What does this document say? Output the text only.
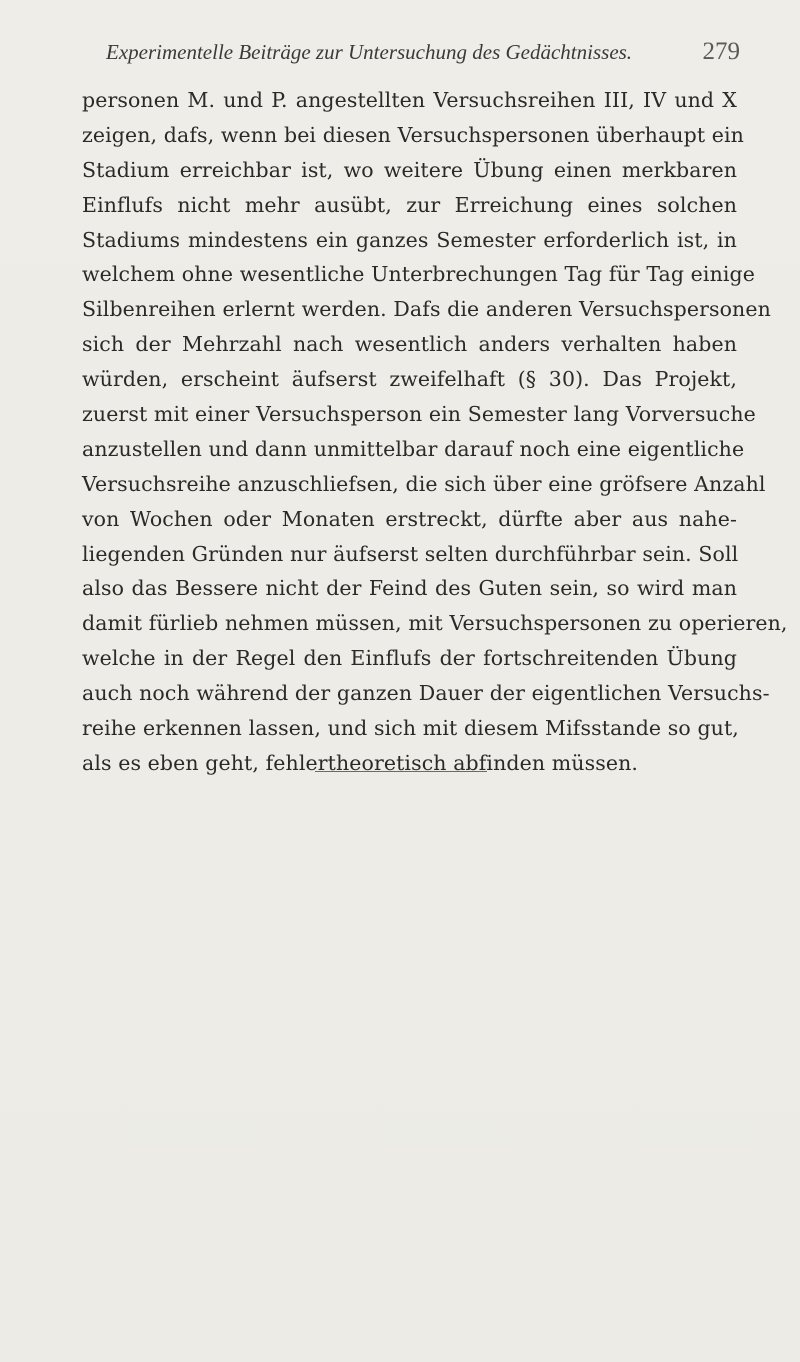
Experimentelle Beiträge zur Untersuchung des Gedächtnisses.	279
personen M. und P. angestellten Versuchsreihen III, IV und X
zeigen, dafs, wenn bei diesen Versuchspersonen überhaupt ein
Stadium erreichbar ist, wo weitere Übung einen merkbaren
Einflufs nicht mehr ausübt, zur Erreichung eines solchen
Stadiums mindestens ein ganzes Semester erforderlich ist, in
welchem ohne wesentliche Unterbrechungen Tag für Tag einige
Silbenreihen erlernt werden. Dafs die anderen Versuchspersonen
sich der Mehrzahl nach wesentlich anders verhalten haben
würden, erscheint äufserst zweifelhaft (§ 30). Das Projekt,
zuerst mit einer Versuchsperson ein Semester lang Vorversuche
anzustellen und dann unmittelbar darauf noch eine eigentliche
Versuchsreihe anzuschliefsen, die sich über eine gröfsere Anzahl
von Wochen oder Monaten erstreckt, dürfte aber aus nahe-
liegenden Gründen nur äufserst selten durchführbar sein. Soll
also das Bessere nicht der Feind des Guten sein, so wird man
damit fürlieb nehmen müssen, mit Versuchspersonen zu operieren,
welche in der Regel den Einflufs der fortschreitenden Übung
auch noch während der ganzen Dauer der eigentlichen Versuchs-
reihe erkennen lassen, und sich mit diesem Mifsstande so gut,
als es eben geht, fehlertheoretisch abfinden müssen.
